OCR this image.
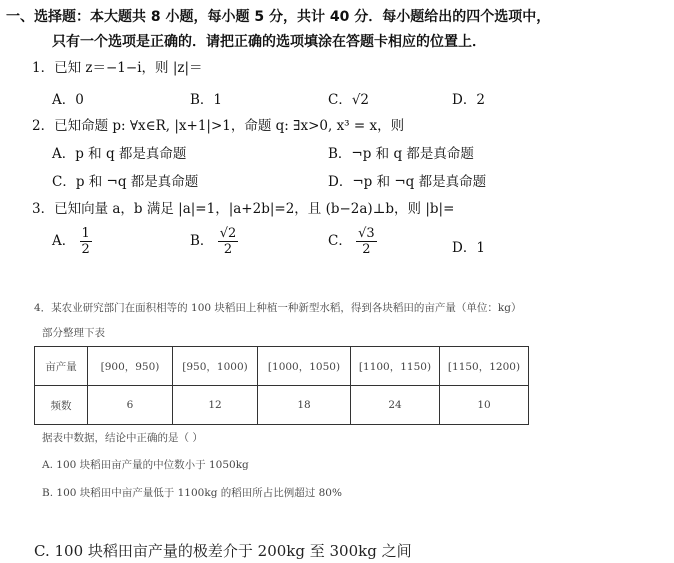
一、选择题：本大题共 8 小题，每小题 5 分，共计 40 分．每小题给出的四个选项中，
只有一个选项是正确的．请把正确的选项填涂在答题卡相应的位置上．
1．已知 z＝−1−i，则 |z|＝
A．0	B．1	C．√2	D．2
2．已知命题 p: ∀x∈R, |x+1|>1，命题 q: ∃x>0, x³ = x，则
A．p 和 q 都是真命题	B．¬p 和 q 都是真命题
C．p 和 ¬q 都是真命题	D．¬p 和 ¬q 都是真命题
3．已知向量 a，b 满足 |a|=1，|a+2b|=2，且 (b−2a)⊥b，则 |b|=
A． $\frac{1}{2}$	B． $\frac{√2}{2}$	C． $\frac{√3}{2}$	D．1
4．某农业研究部门在面积相等的 100 块稻田上种植一种新型水稻，得到各块稻田的亩产量（单位：kg）
部分整理下表
亩产量	[900，950)	[950，1000)	[1000，1050)	[1100，1150)	[1150，1200)
频数	6	12	18	24	10
据表中数据，结论中正确的是（ ）
A. 100 块稻田亩产量的中位数小于 1050kg
B. 100 块稻田中亩产量低于 1100kg 的稻田所占比例超过 80%
C. 100 块稻田亩产量的极差介于 200kg 至 300kg 之间
